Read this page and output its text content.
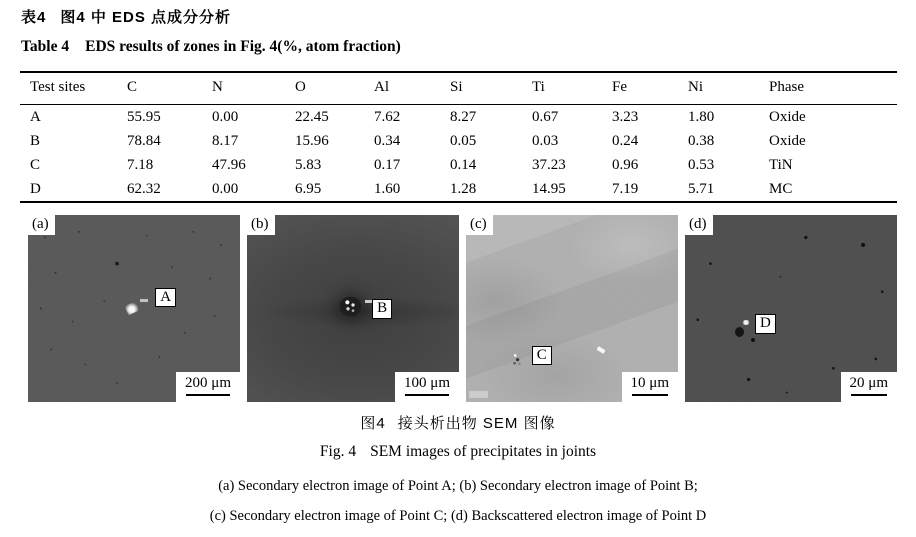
表4 图4 中 EDS 点成分分析
Table 4 EDS results of zones in Fig. 4(%, atom fraction)
Test sites	C	N	O	Al	Si	Ti	Fe	Ni	Phase
A	55.95	0.00	22.45	7.62	8.27	0.67	3.23	1.80	Oxide
B	78.84	8.17	15.96	0.34	0.05	0.03	0.24	0.38	Oxide
C	7.18	47.96	5.83	0.17	0.14	37.23	0.96	0.53	TiN
D	62.32	0.00	6.95	1.60	1.28	14.95	7.19	5.71	MC
A
(a)
200 μm
B
(b)
100 μm
C
(c)
10 μm
D
(d)
20 μm
图4 接头析出物 SEM 图像
Fig. 4 SEM images of precipitates in joints
(a) Secondary electron image of Point A; (b) Secondary electron image of Point B;
(c) Secondary electron image of Point C; (d) Backscattered electron image of Point D
